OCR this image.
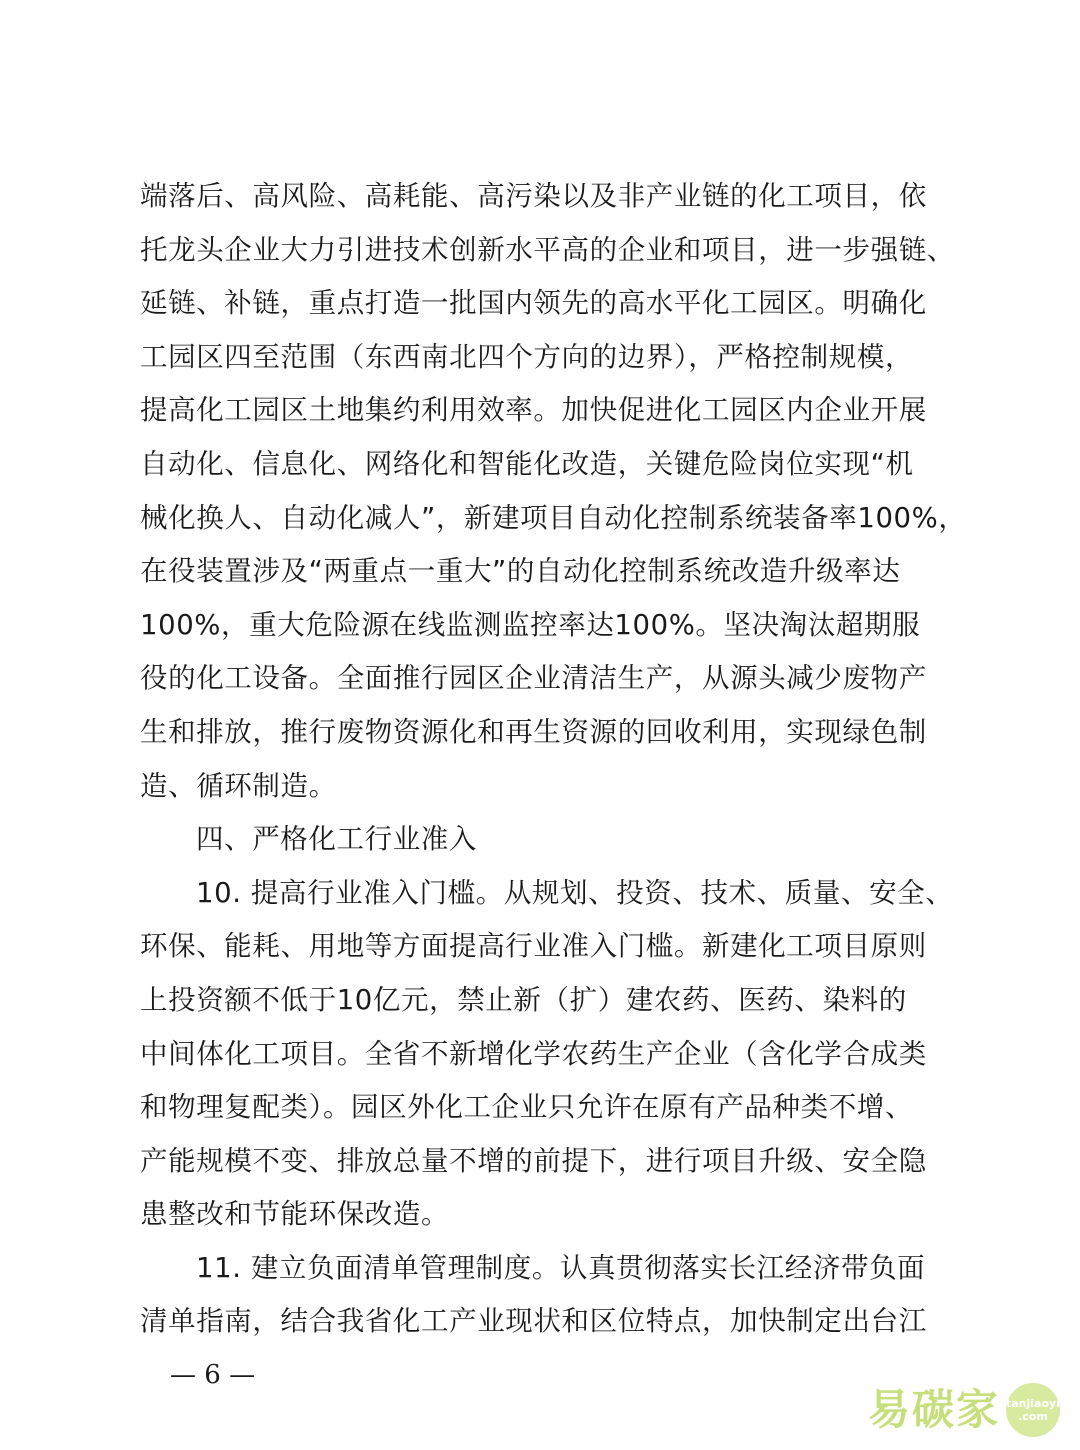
端落后、高风险、高耗能、高污染以及非产业链的化工项目，依
托龙头企业大力引进技术创新水平高的企业和项目，进一步强链、
延链、补链，重点打造一批国内领先的高水平化工园区。明确化
工园区四至范围（东西南北四个方向的边界），严格控制规模，
提高化工园区土地集约利用效率。加快促进化工园区内企业开展
自动化、信息化、网络化和智能化改造，关键危险岗位实现“机
械化换人、自动化减人”，新建项目自动化控制系统装备率100%，
在役装置涉及“两重点一重大”的自动化控制系统改造升级率达
100%，重大危险源在线监测监控率达100%。坚决淘汰超期服
役的化工设备。全面推行园区企业清洁生产，从源头减少废物产
生和排放，推行废物资源化和再生资源的回收利用，实现绿色制
造、循环制造。
四、严格化工行业准入
10. 提高行业准入门槛。从规划、投资、技术、质量、安全、
环保、能耗、用地等方面提高行业准入门槛。新建化工项目原则
上投资额不低于10亿元，禁止新（扩）建农药、医药、染料的
中间体化工项目。全省不新增化学农药生产企业（含化学合成类
和物理复配类）。园区外化工企业只允许在原有产品种类不增、
产能规模不变、排放总量不增的前提下，进行项目升级、安全隐
患整改和节能环保改造。
11. 建立负面清单管理制度。认真贯彻落实长江经济带负面
清单指南，结合我省化工产业现状和区位特点，加快制定出台江
— 6 —
易碳家 tanjiaoyi
.com
